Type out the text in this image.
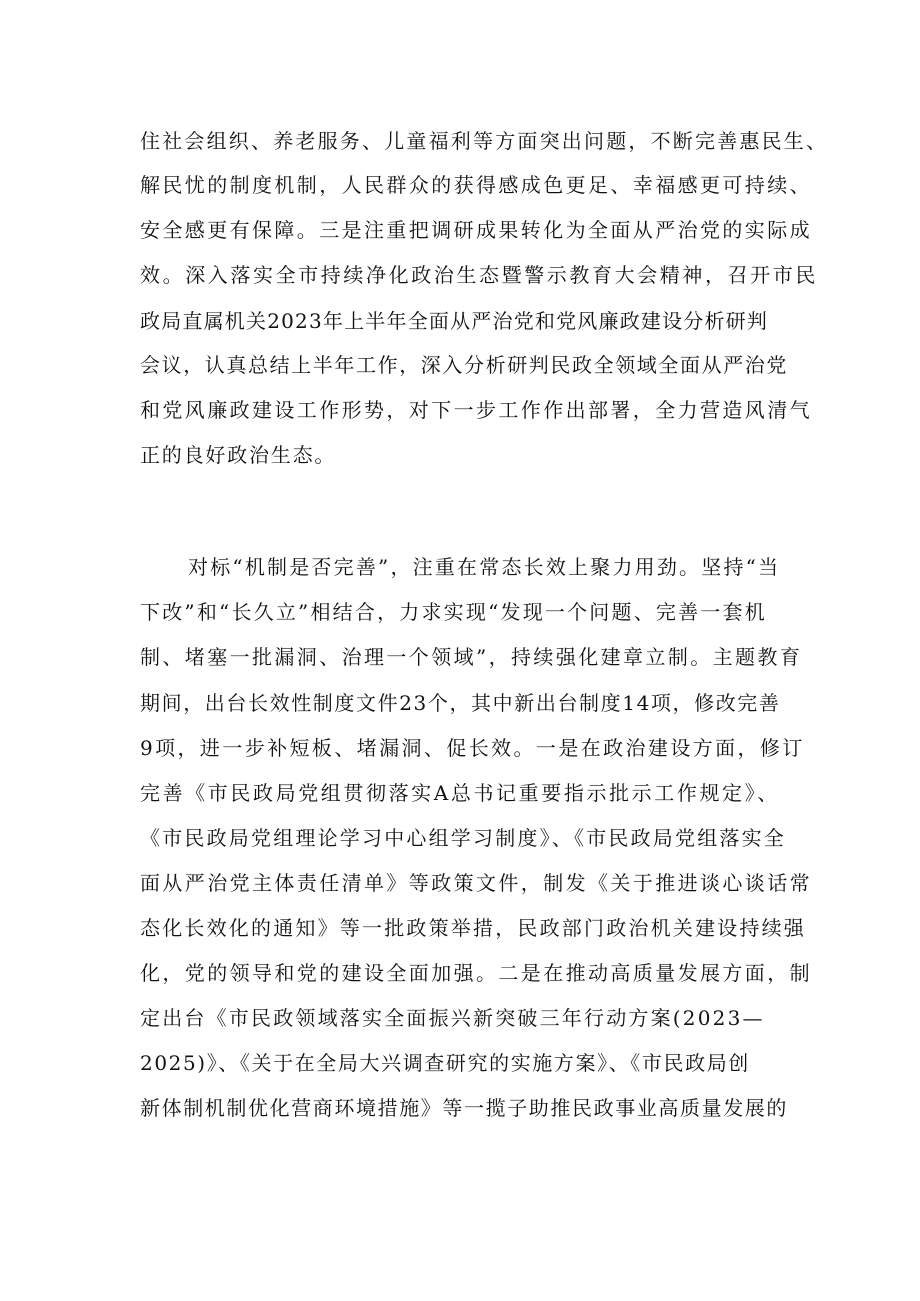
住社会组织、养老服务、儿童福利等方面突出问题，不断完善惠民生、
解民忧的制度机制，人民群众的获得感成色更足、幸福感更可持续、
安全感更有保障。三是注重把调研成果转化为全面从严治党的实际成
效。深入落实全市持续净化政治生态暨警示教育大会精神，召开市民
政局直属机关2023年上半年全面从严治党和党风廉政建设分析研判
会议，认真总结上半年工作，深入分析研判民政全领域全面从严治党
和党风廉政建设工作形势，对下一步工作作出部署，全力营造风清气
正的良好政治生态。
对标“机制是否完善”，注重在常态长效上聚力用劲。坚持“当
下改”和“长久立”相结合，力求实现“发现一个问题、完善一套机
制、堵塞一批漏洞、治理一个领域”，持续强化建章立制。主题教育
期间，出台长效性制度文件23个，其中新出台制度14项，修改完善
9项，进一步补短板、堵漏洞、促长效。一是在政治建设方面，修订
完善《市民政局党组贯彻落实A总书记重要指示批示工作规定》、
《市民政局党组理论学习中心组学习制度》、《市民政局党组落实全
面从严治党主体责任清单》等政策文件，制发《关于推进谈心谈话常
态化长效化的通知》等一批政策举措，民政部门政治机关建设持续强
化，党的领导和党的建设全面加强。二是在推动高质量发展方面，制
定出台《市民政领域落实全面振兴新突破三年行动方案(2023—
2025)》、《关于在全局大兴调查研究的实施方案》、《市民政局创
新体制机制优化营商环境措施》等一揽子助推民政事业高质量发展的
